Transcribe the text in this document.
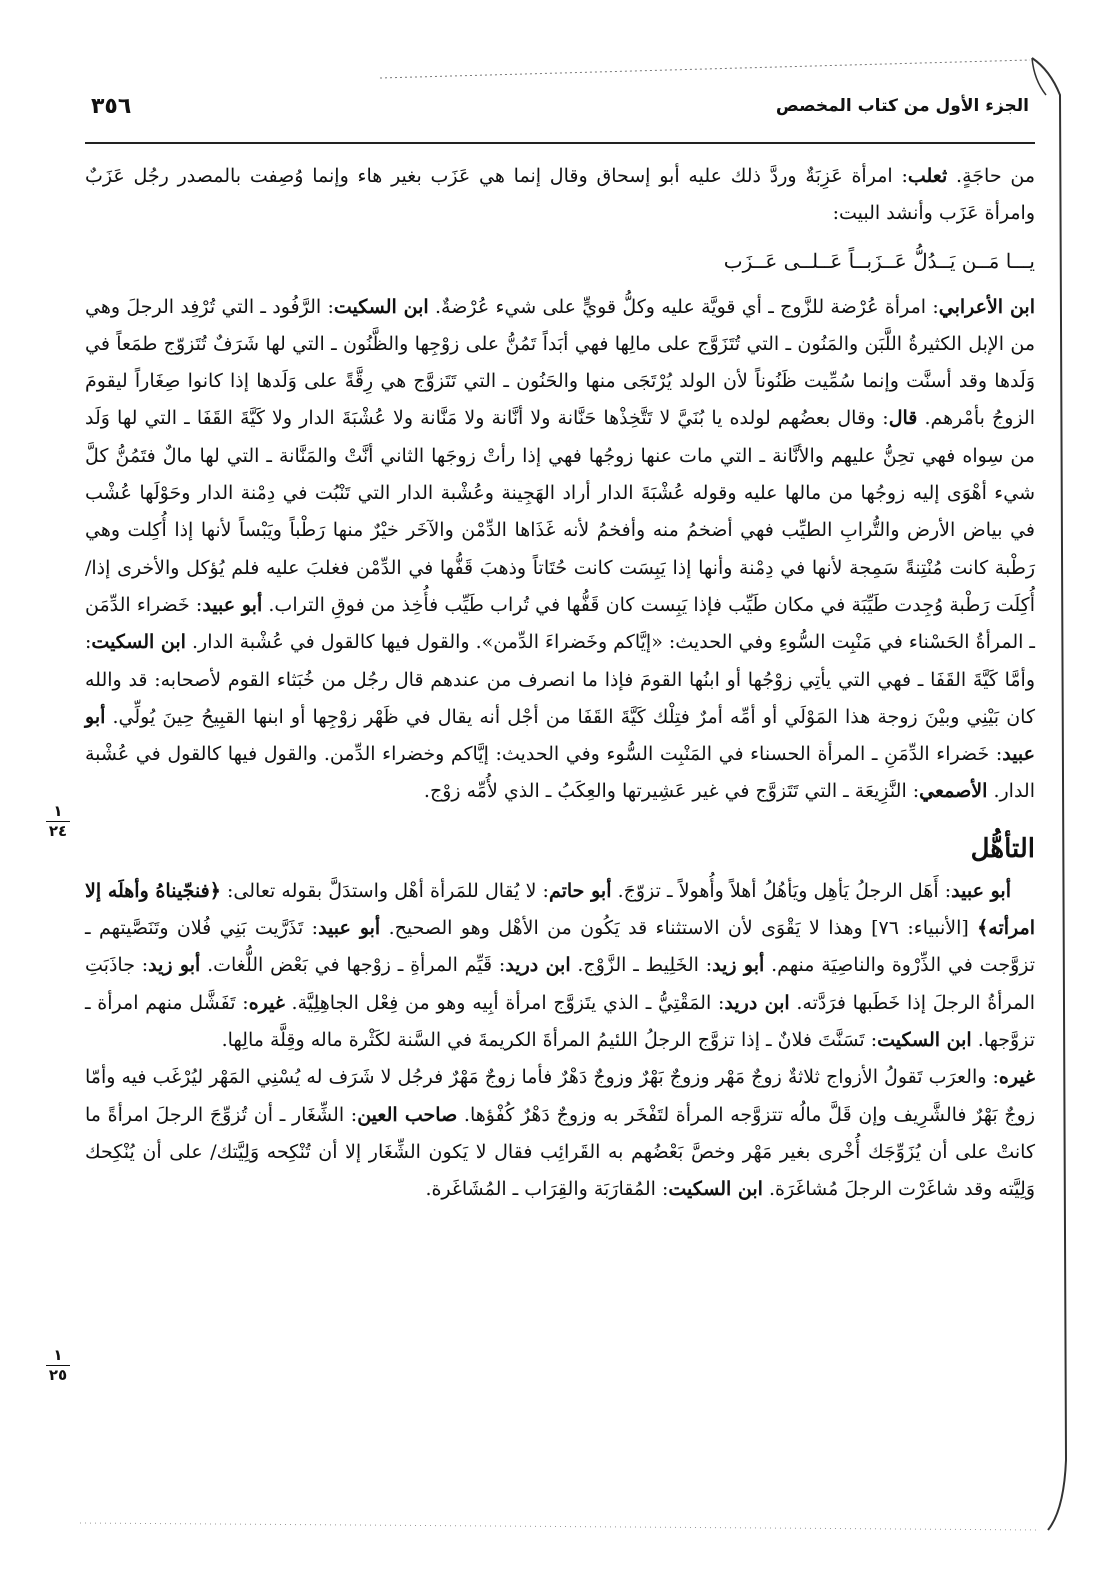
٣٥٦	الجزء الأول من كتاب المخصص

من حاجَةٍ. ثعلب: امرأة عَزِبَةٌ وردَّ ذلك عليه أبو إسحاق وقال إنما هي عَزَب بغير هاء وإنما وُصِفت بالمصدر رجُل عَزَبٌ وامرأة عَزَب وأنشد البيت:

يـــا مَــن يَــدُلُّ عَــزَبــاً عَــلــى عَــزَب

ابن الأعرابي: امرأة عُرْضة للزَّوج ـ أي قويَّة عليه وكلُّ قويٍّ على شيء عُرْضةٌ. ابن السكيت: الرَّفُود ـ التي تُرْفِد الرجلَ وهي من الإبل الكثيرةُ اللَّبَن والمَنُون ـ التي تُتَزَوَّج على مالِها فهي أبَداً تَمُنُّ على زوْجِها والظَّنُون ـ التي لها شَرَفٌ تُتَزوّج طمَعاً في وَلَدها وقد أسنَّت وإنما سُمِّيت ظَنُوناً لأن الولد يُرْتَجَى منها والحَنُون ـ التي تَتَزوَّج هي رِقَّةً على وَلَدها إذا كانوا صِغَاراً ليقومَ الزوجُ بأمْرهم. قال: وقال بعضُهم لولده يا بُنَيَّ لا تَتَّخِذْها حَنَّانة ولا أنَّانة ولا مَنَّانة ولا عُشْبَةَ الدار ولا كَيَّةَ القَفَا ـ التي لها وَلَد من سِواه فهي تحِنُّ عليهم والأنَّانة ـ التي مات عنها زوجُها فهي إذا رأتْ زوجَها الثاني أنَّتْ والمَنَّانة ـ التي لها مالٌ فتَمُنُّ كلَّ شيء أهْوَى إليه زوجُها من مالها عليه وقوله عُشْبَةَ الدار أراد الهَجِينة وعُشْبة الدار التي تَنْبُت في دِمْنة الدار وحَوْلَها عُشْب في بياض الأرض والتُّرابِ الطيِّب فهي أضخمُ منه وأفخمُ لأنه غَذَاها الدِّمْن والآخَر خيْرٌ منها رَطْباً ويَبْساً لأنها إذا أُكِلت وهي رَطْبة كانت مُنْتِنةً سَمِجة لأنها في دِمْنة وأنها إذا يَبِسَت كانت حُتَاتاً وذهبَ قَفُّها في الدِّمْن فغلبَ عليه فلم يُؤكل والأخرى إذا/ أُكِلَت رَطْبة وُجِدت طَيِّبَة في مكان طَيِّب فإذا يَبِست كان قَفُّها في تُراب طَيِّب فأُخِذ من فوقِ التراب. أبو عبيد: خَضراء الدِّمَن ـ المرأةُ الحَسْناء في مَنْبِت السُّوءِ وفي الحديث: «إيَّاكم وخَضراءَ الدِّمن». والقول فيها كالقول في عُشْبة الدار. ابن السكيت: وأمَّا كَيَّةَ القَفَا ـ فهي التي يأتِي زوْجُها أو ابنُها القومَ فإذا ما انصرف من عندهم قال رجُل من خُبَثاء القوم لأصحابه: قد والله كان بَيْنِي وبيْنَ زوجة هذا المَوْلَي أو أمِّه أمرٌ فتِلْك كَيَّةَ القَفَا من أجْل أنه يقال في ظَهْر زوْجِها أو ابنها القبِيحُ حِينَ يُولِّي. أبو عبيد: خَضراء الدِّمَنِ ـ المرأة الحسناء في المَنْبِت السُّوء وفي الحديث: إيَّاكم وخضراء الدِّمن. والقول فيها كالقول في عُشْبة الدار. الأصمعي: النَّزِيعَة ـ التي تَتَزوَّج في غير عَشِيرتها والعِكَبُ ـ الذي لأُمِّه زوْج.

التأهُّل

أبو عبيد: أَهَل الرجلُ يَأهِل ويَأهُلُ أهلاً وأُهولاً ـ تزوّجَ. أبو حاتم: لا يُقال للمَرأة أهْل واستدَلَّ بقوله تعالى: ﴿فنجّيناهُ وأهلَه إلا امرأته﴾ [الأنبياء: ٧٦] وهذا لا يَقْوَى لأن الاستثناء قد يَكُون من الأهْل وهو الصحيح. أبو عبيد: تَذَرَّيت بَنِي فُلان وتَنَصَّيتهم ـ تزوَّجت في الذِّرْوة والناصِيَة منهم. أبو زيد: الخَلِيط ـ الزَّوْج. ابن دريد: قَيِّم المرأةِ ـ زوْجها في بَعْض اللُّغات. أبو زيد: جاذَبَتِ المرأةُ الرجلَ إذا خَطَبها فرَدَّته. ابن دريد: المَقْتِيُّ ـ الذي يتَزوَّج امرأة أبِيه وهو من فِعْل الجاهِلِيَّة. غيره: تَفَشَّل منهم امرأة ـ تزوَّجها. ابن السكيت: تَسَنَّتَ فلانٌ ـ إذا تزوَّج الرجلُ اللئيمُ المرأةَ الكريمةَ في السَّنة لكَثْرة ماله وقِلَّة مالِها.

غيره: والعرَب تَقولُ الأزواج ثلاثةٌ زوجٌ مَهْر وزوجٌ بَهْرٌ وزوجٌ دَهْرٌ فأما زوجٌ مَهْرٌ فرجُل لا شَرَف له يُسْنِي المَهْر ليُرْغَب فيه وأمّا زوجٌ بَهْرٌ فالشَّرِيف وإن قَلَّ مالُه تتزوَّجه المرأة لتَفْخَر به وزوجٌ دَهْرٌ كُفْؤها. صاحب العين: الشِّغَار ـ أن تُزوِّجَ الرجلَ امرأةً ما كانتْ على أن يُزَوِّجَك أُخْرى بغير مَهْر وخصَّ بَعْضُهم به القَرائِب فقال لا يَكون الشِّغَار إلا أن تُنْكِحه وَلِيَّتك/ على أن يُنْكِحك وَلِيَّته وقد شاغَرْت الرجلَ مُشاغَرَة. ابن السكيت: المُقارَبَة والقِرَاب ـ المُشَاغَرة.

١
٢٤
١
٢٥
